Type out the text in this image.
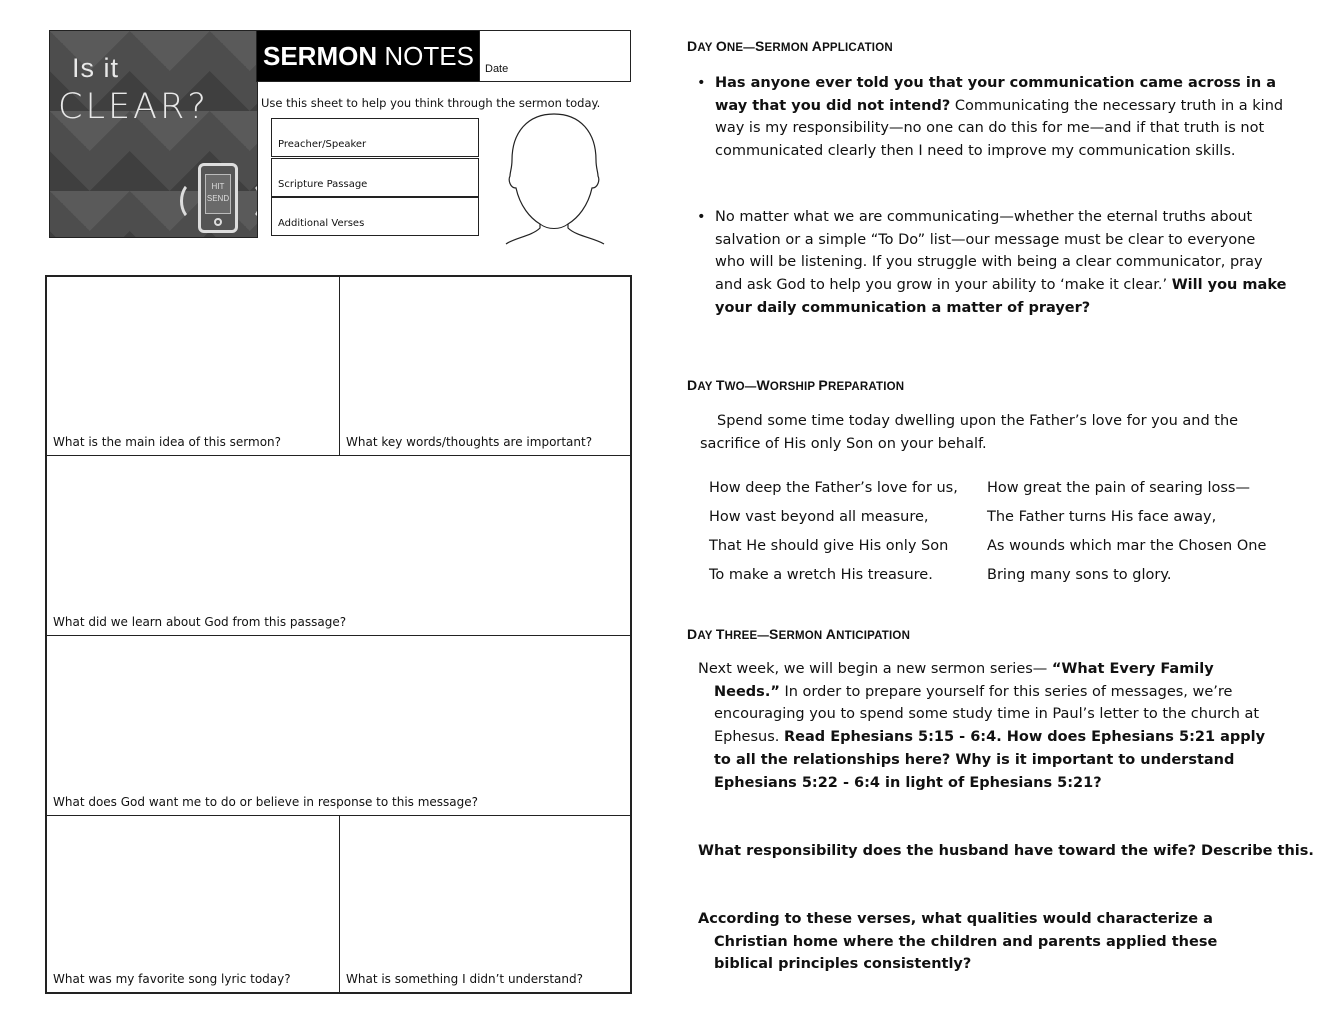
Is it
CLEAR?
HIT SEND
SERMON NOTES	Date
Use this sheet to help you think through the sermon today.
Preacher/Speaker
Scripture Passage
Additional Verses
What is the main idea of this sermon?	What key words/thoughts are important?
What did we learn about God from this passage?
What does God want me to do or believe in response to this message?
What was my favorite song lyric today?	What is something I didn’t understand?
DAY ONE—SERMON APPLICATION
• Has anyone ever told you that your communication came across in a way that you did not intend? Communicating the necessary truth in a kind way is my responsibility—no one can do this for me—and if that truth is not communicated clearly then I need to improve my communication skills.
• No matter what we are communicating—whether the eternal truths about salvation or a simple “To Do” list—our message must be clear to everyone who will be listening. If you struggle with being a clear communicator, pray and ask God to help you grow in your ability to ‘make it clear.’ Will you make your daily communication a matter of prayer?
DAY TWO—WORSHIP PREPARATION
Spend some time today dwelling upon the Father’s love for you and the sacrifice of His only Son on your behalf.
How deep the Father’s love for us,	How great the pain of searing loss—
How vast beyond all measure,	The Father turns His face away,
That He should give His only Son	As wounds which mar the Chosen One
To make a wretch His treasure.	Bring many sons to glory.
DAY THREE—SERMON ANTICIPATION
Next week, we will begin a new sermon series— “What Every Family Needs.” In order to prepare yourself for this series of messages, we’re encouraging you to spend some study time in Paul’s letter to the church at Ephesus. Read Ephesians 5:15 - 6:4. How does Ephesians 5:21 apply to all the relationships here? Why is it important to understand Ephesians 5:22 - 6:4 in light of Ephesians 5:21?
What responsibility does the husband have toward the wife? Describe this.
According to these verses, what qualities would characterize a Christian home where the children and parents applied these biblical principles consistently?
